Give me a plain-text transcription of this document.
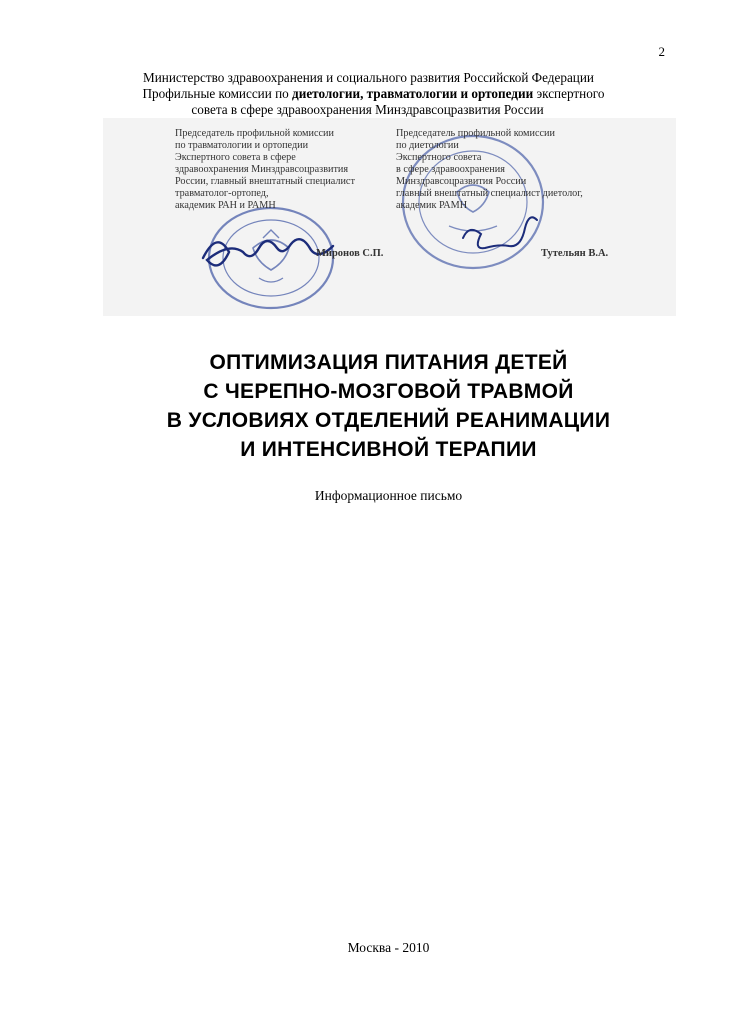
2
Министерство здравоохранения и социального развития Российской Федерации
Профильные комиссии по диетологии, травматологии и ортопедии экспертного
совета в сфере здравоохранения Минздравсоцразвития России
Председатель профильной комиссии
по травматологии и ортопедии
Экспертного совета в сфере
здравоохранения Минздравсоцразвития
России, главный внештатный специалист
травматолог-ортопед,
академик РАН и РАМН
Миронов С.П.
Председатель профильной комиссии
по диетологии
Экспертного совета
в сфере здравоохранения
Минздравсоцразвития России
главный внештатный специалист диетолог,
академик РАМН
Тутельян В.А.
ОПТИМИЗАЦИЯ ПИТАНИЯ ДЕТЕЙ
С ЧЕРЕПНО-МОЗГОВОЙ ТРАВМОЙ
В УСЛОВИЯХ ОТДЕЛЕНИЙ РЕАНИМАЦИИ
И ИНТЕНСИВНОЙ ТЕРАПИИ
Информационное письмо
Москва - 2010
